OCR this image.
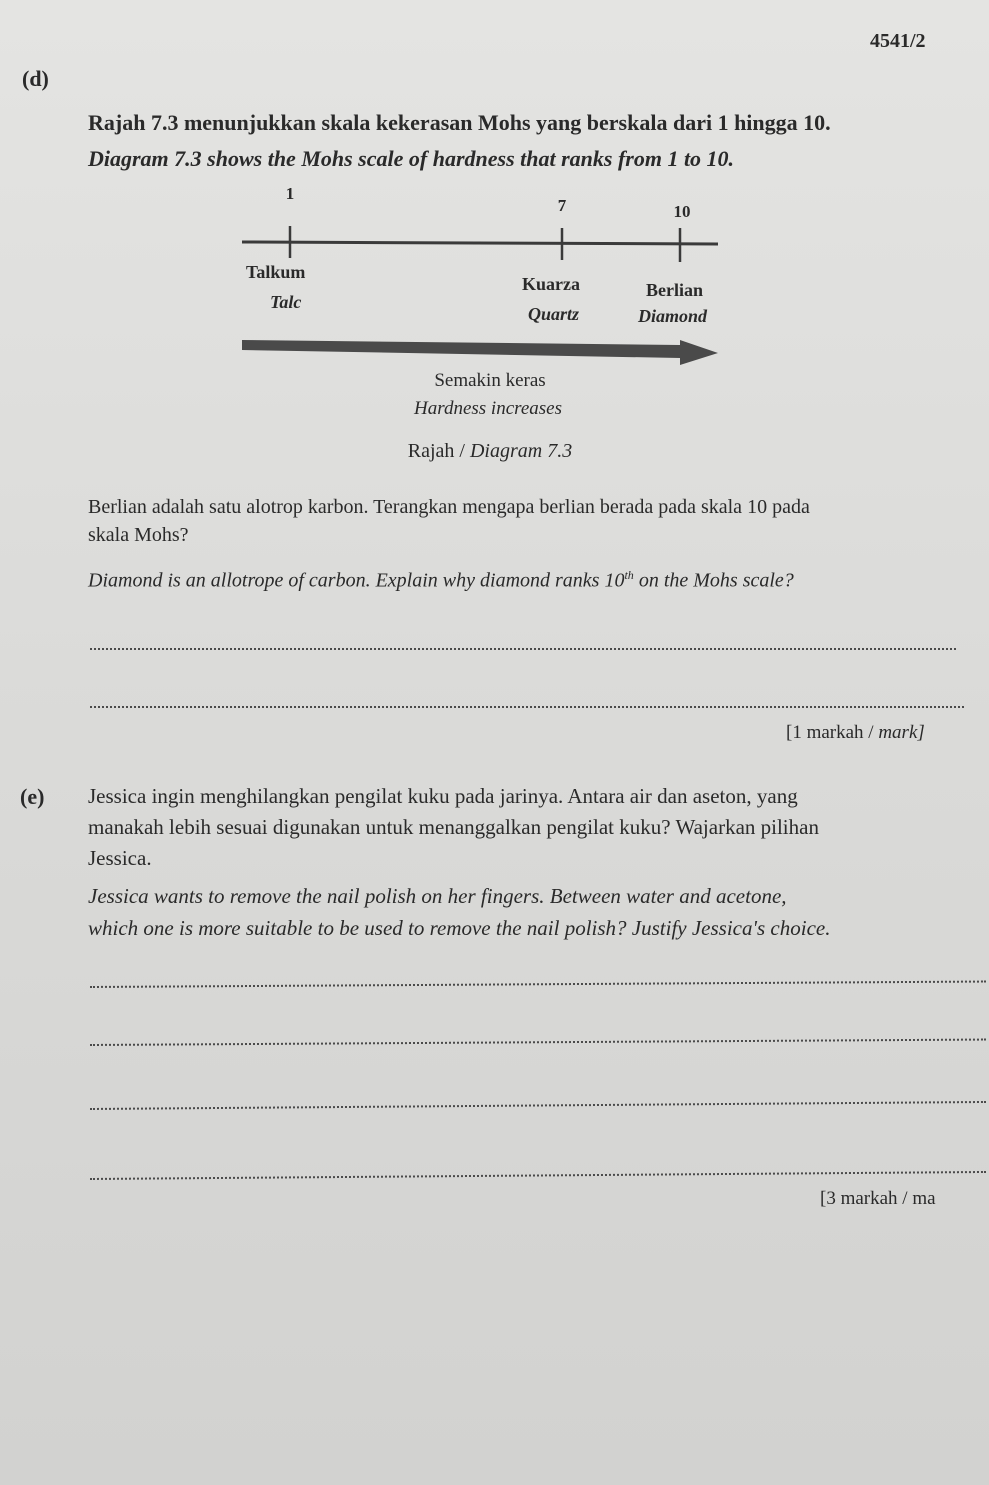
4541/2
(d)
Rajah 7.3 menunjukkan skala kekerasan Mohs yang berskala dari 1 hingga 10.
Diagram 7.3 shows the Mohs scale of hardness that ranks from 1 to 10.
1
7	10
Talkum
Talc
Kuarza
Quartz
Berlian
Diamond
Semakin keras
Hardness increases
Rajah / Diagram 7.3
Berlian adalah satu alotrop karbon. Terangkan mengapa berlian berada pada skala 10 pada
skala Mohs?
Diamond is an allotrope of carbon. Explain why diamond ranks 10th on the Mohs scale?
[1 markah / mark]
(e) Jessica ingin menghilangkan pengilat kuku pada jarinya. Antara air dan aseton, yang
manakah lebih sesuai digunakan untuk menanggalkan pengilat kuku? Wajarkan pilihan
Jessica.
Jessica wants to remove the nail polish on her fingers. Between water and acetone,
which one is more suitable to be used to remove the nail polish? Justify Jessica's choice.
[3 markah / ma
